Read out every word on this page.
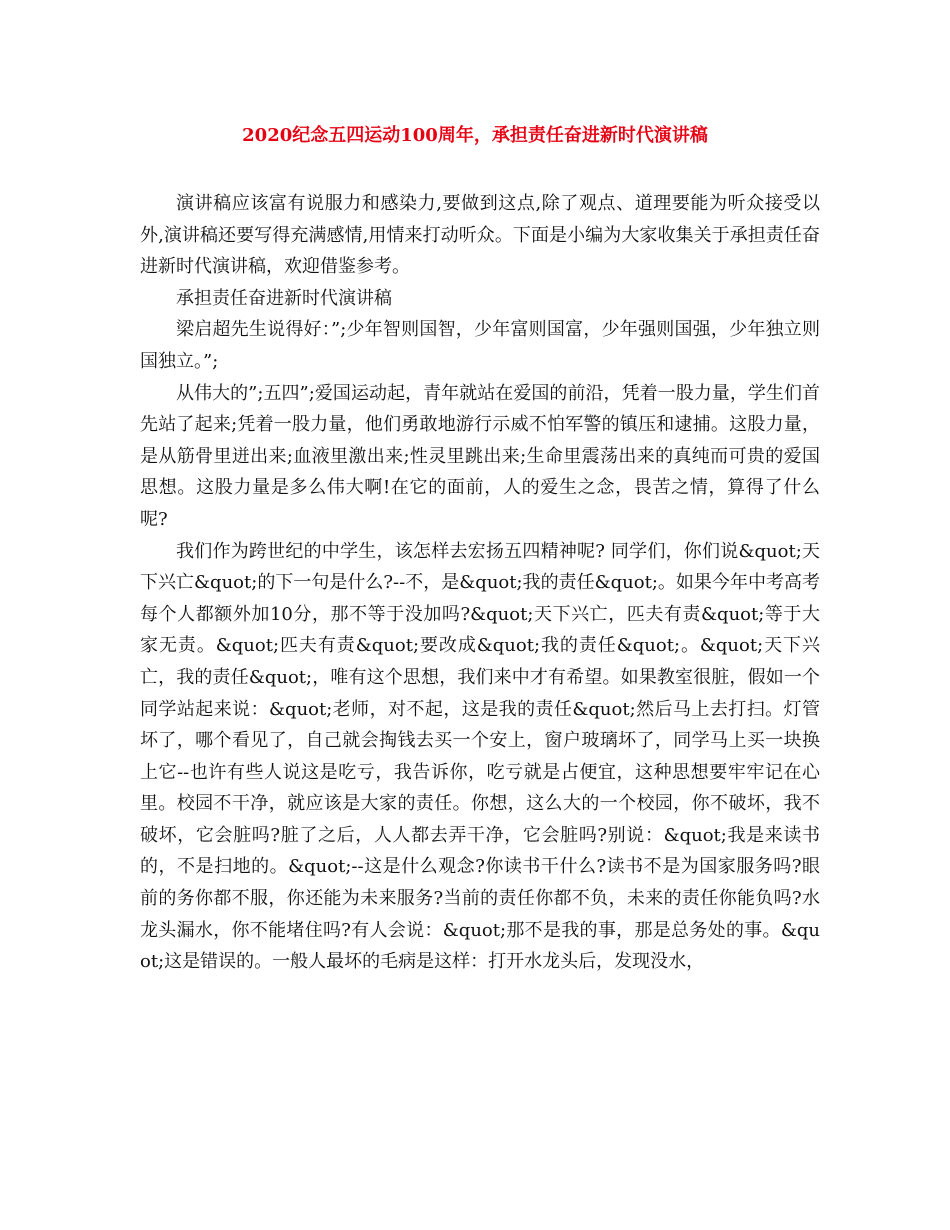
2020纪念五四运动100周年，承担责任奋进新时代演讲稿

演讲稿应该富有说服力和感染力,要做到这点,除了观点、道理要能为听众接受以外,演讲稿还要写得充满感情,用情来打动听众。下面是小编为大家收集关于承担责任奋进新时代演讲稿，欢迎借鉴参考。

承担责任奋进新时代演讲稿

梁启超先生说得好：”;少年智则国智，少年富则国富，少年强则国强，少年独立则国独立。”;

从伟大的”;五四”;爱国运动起，青年就站在爱国的前沿，凭着一股力量，学生们首先站了起来;凭着一股力量，他们勇敢地游行示威不怕军警的镇压和逮捕。这股力量，是从筋骨里迸出来;血液里激出来;性灵里跳出来;生命里震荡出来的真纯而可贵的爱国思想。这股力量是多么伟大啊!在它的面前，人的爱生之念，畏苦之情，算得了什么呢?

我们作为跨世纪的中学生，该怎样去宏扬五四精神呢? 同学们，你们说&quot;天下兴亡&quot;的下一句是什么?--不，是&quot;我的责任&quot;。如果今年中考高考每个人都额外加10分，那不等于没加吗?&quot;天下兴亡，匹夫有责&quot;等于大家无责。&quot;匹夫有责&quot;要改成&quot;我的责任&quot;。&quot;天下兴亡，我的责任&quot;，唯有这个思想，我们来中才有希望。如果教室很脏，假如一个同学站起来说：&quot;老师，对不起，这是我的责任&quot;然后马上去打扫。灯管坏了，哪个看见了，自己就会掏钱去买一个安上，窗户玻璃坏了，同学马上买一块换上它--也许有些人说这是吃亏，我告诉你，吃亏就是占便宜，这种思想要牢牢记在心里。校园不干净，就应该是大家的责任。你想，这么大的一个校园，你不破坏，我不破坏，它会脏吗?脏了之后，人人都去弄干净，它会脏吗?别说：&quot;我是来读书的，不是扫地的。&quot;--这是什么观念?你读书干什么?读书不是为国家服务吗?眼前的务你都不服，你还能为未来服务?当前的责任你都不负，未来的责任你能负吗?水龙头漏水，你不能堵住吗?有人会说：&quot;那不是我的事，那是总务处的事。&quot;这是错误的。一般人最坏的毛病是这样：打开水龙头后，发现没水，
